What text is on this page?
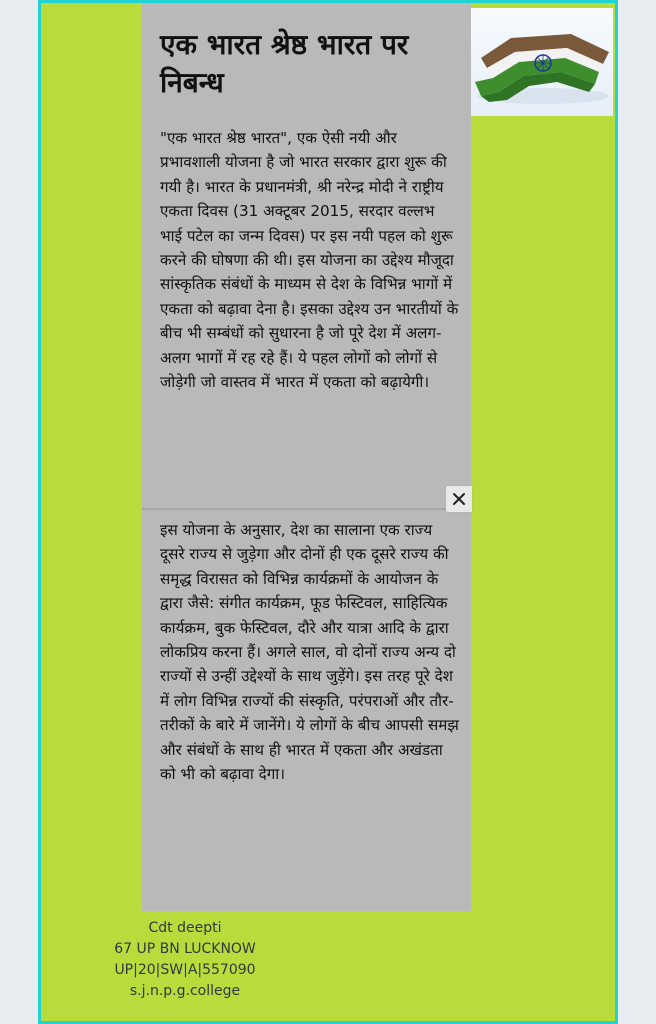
एक भारत श्रेष्ठ भारत पर निबन्ध

"एक भारत श्रेष्ठ भारत", एक ऐसी नयी और प्रभावशाली योजना है जो भारत सरकार द्वारा शुरू की गयी है। भारत के प्रधानमंत्री, श्री नरेन्द्र मोदी ने राष्ट्रीय एकता दिवस (31 अक्टूबर 2015, सरदार वल्लभ भाई पटेल का जन्म दिवस) पर इस नयी पहल को शुरू करने की घोषणा की थी। इस योजना का उद्देश्य मौजूदा सांस्कृतिक संबंधों के माध्यम से देश के विभिन्न भागों में एकता को बढ़ावा देना है। इसका उद्देश्य उन भारतीयों के बीच भी सम्बंधों को सुधारना है जो पूरे देश में अलग-अलग भागों में रह रहे हैं। ये पहल लोगों को लोगों से जोड़ेगी जो वास्तव में भारत में एकता को बढ़ायेगी।

इस योजना के अनुसार, देश का सालाना एक राज्य दूसरे राज्य से जुड़ेगा और दोनों ही एक दूसरे राज्य की समृद्ध विरासत को विभिन्न कार्यक्रमों के आयोजन के द्वारा जैसे: संगीत कार्यक्रम, फूड फेस्टिवल, साहित्यिक कार्यक्रम, बुक फेस्टिवल, दौरे और यात्रा आदि के द्वारा लोकप्रिय करना हैं। अगले साल, वो दोनों राज्य अन्य दो राज्यों से उन्हीं उद्देश्यों के साथ जुड़ेंगे। इस तरह पूरे देश में लोग विभिन्न राज्यों की संस्कृति, परंपराओं और तौर-तरीकों के बारे में जानेंगे। ये लोगों के बीच आपसी समझ और संबंधों के साथ ही भारत में एकता और अखंडता को भी को बढ़ावा देगा।

Cdt deepti
67 UP BN LUCKNOW
UP|20|SW|A|557090
s.j.n.p.g.college
